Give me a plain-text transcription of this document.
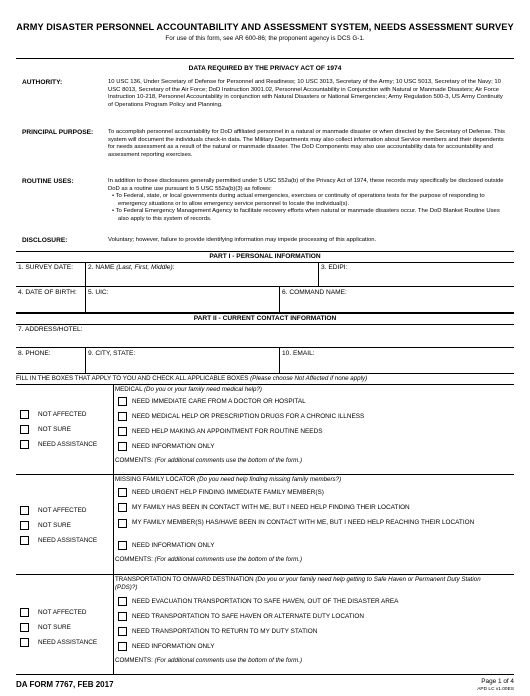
ARMY DISASTER PERSONNEL ACCOUNTABILITY AND ASSESSMENT SYSTEM, NEEDS ASSESSMENT SURVEY
For use of this form, see AR 600-86; the proponent agency is DCS G-1.
DATA REQUIRED BY THE PRIVACY ACT OF 1974
AUTHORITY:	10 USC 136, Under Secretary of Defense for Personnel and Readiness; 10 USC 3013, Secretary of the Army; 10 USC 5013, Secretary of the Navy; 10 USC 8013, Secretary of the Air Force; DoD Instruction 3001.02, Personnel Accountability in Conjunction with Natural or Manmade Disasters; Air Force Instruction 10-218, Personnel Accountability in conjunction with Natural Disasters or National Emergencies; Army Regulation 500-3, US Army Continuity of Operations Program Policy and Planning.
PRINCIPAL PURPOSE:	To accomplish personnel accountability for DoD affiliated personnel in a natural or manmade disaster or when directed by the Secretary of Defense. This system will document the individuals check-in data. The Military Departments may also collect information about Service members and their dependents for needs assessment as a result of the natural or manmade disaster. The DoD Components may also use accountability data for accountability and assessment reporting exercises.
ROUTINE USES:	In addition to those disclosures generally permitted under 5 USC 552a(b) of the Privacy Act of 1974, these records may specifically be disclosed outside DoD as a routine use pursuant to 5 USC 552a(b)(3) as follows:
• To Federal, state, or local governments during actual emergencies, exercises or continuity of operations tests for the purpose of responding to emergency situations or to allow emergency service personnel to locate the individual(s).
• To Federal Emergency Management Agency to facilitate recovery efforts when natural or manmade disasters occur. The DoD Blanket Routine Uses also apply to this system of records.
DISCLOSURE:	Voluntary; however, failure to provide identifying information may impede processing of this application.
PART I - PERSONAL INFORMATION
1. SURVEY DATE:	2. NAME (Last, First, Middle):	3. EDIPI:
4. DATE OF BIRTH:	5. UIC:	6. COMMAND NAME:
PART II - CURRENT CONTACT INFORMATION
7. ADDRESS/HOTEL:
8. PHONE:	9. CITY, STATE:	10. EMAIL:
FILL IN THE BOXES THAT APPLY TO YOU AND CHECK ALL APPLICABLE BOXES (Please choose Not Affected if none apply)
NOT AFFECTED
NOT SURE
NEED ASSISTANCE
MEDICAL (Do you or your family need medical help?)
NEED IMMEDIATE CARE FROM A DOCTOR OR HOSPITAL
NEED MEDICAL HELP OR PRESCRIPTION DRUGS FOR A CHRONIC ILLNESS
NEED HELP MAKING AN APPOINTMENT FOR ROUTINE NEEDS
NEED INFORMATION ONLY
COMMENTS: (For additional comments use the bottom of the form.)
NOT AFFECTED
NOT SURE
NEED ASSISTANCE
MISSING FAMILY LOCATOR (Do you need help finding missing family members?)
NEED URGENT HELP FINDING IMMEDIATE FAMILY MEMBER(S)
MY FAMILY HAS BEEN IN CONTACT WITH ME, BUT I NEED HELP FINDING THEIR LOCATION
MY FAMILY MEMBER(S) HAS/HAVE BEEN IN CONTACT WITH ME, BUT I NEED HELP REACHING THEIR LOCATION
NEED INFORMATION ONLY
COMMENTS: (For additional comments use the bottom of the form.)
NOT AFFECTED
NOT SURE
NEED ASSISTANCE
TRANSPORTATION TO ONWARD DESTINATION (Do you or your family need help getting to Safe Haven or Permanent Duty Station (PDS)?)
NEED EVACUATION TRANSPORTATION TO SAFE HAVEN, OUT OF THE DISASTER AREA
NEED TRANSPORTATION TO SAFE HAVEN OR ALTERNATE DUTY LOCATION
NEED TRANSPORTATION TO RETURN TO MY DUTY STATION
NEED INFORMATION ONLY
COMMENTS: (For additional comments use the bottom of the form.)
DA FORM 7767, FEB 2017	Page 1 of 4
APD LC v1.00ES
